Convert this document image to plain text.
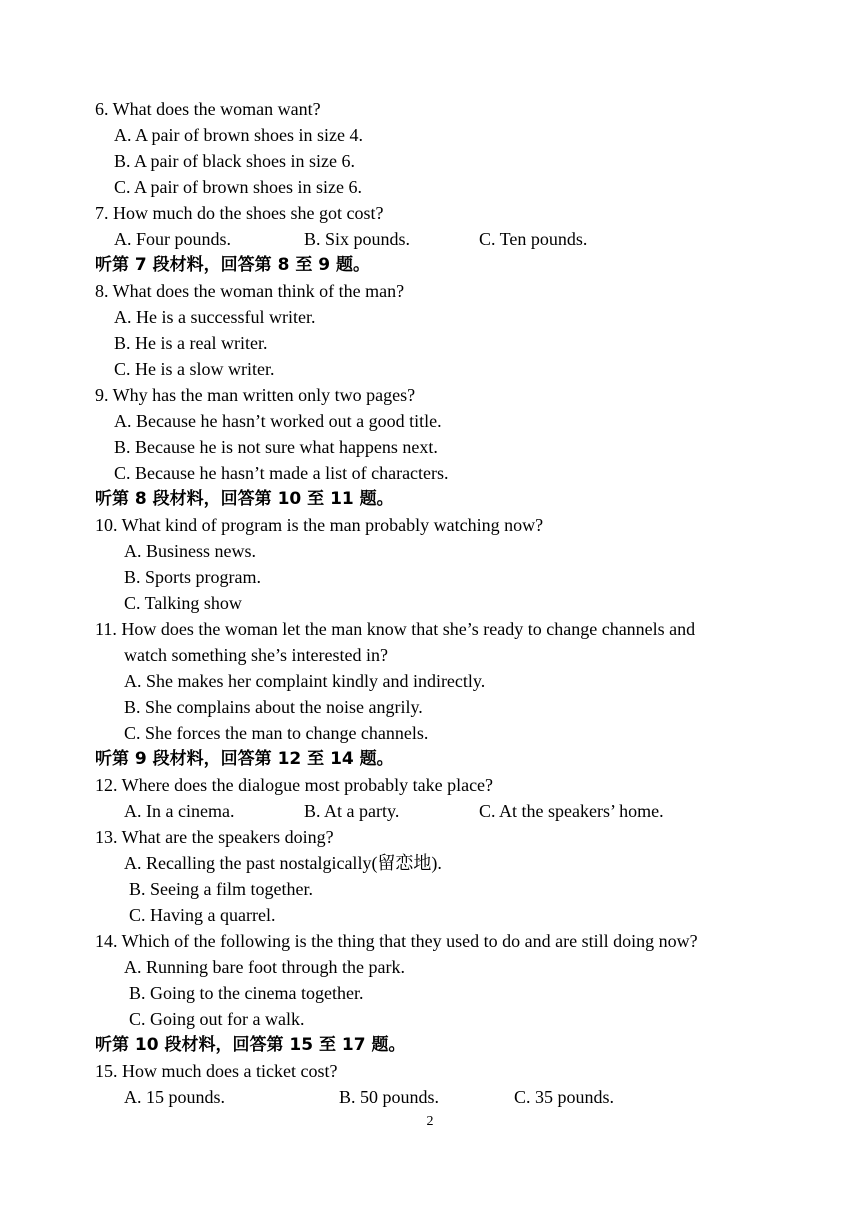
6. What does the woman want?
A. A pair of brown shoes in size 4.
B. A pair of black shoes in size 6.
C. A pair of brown shoes in size 6.
7. How much do the shoes she got cost?
A. Four pounds.	B. Six pounds.	C. Ten pounds.
听第 7 段材料，回答第 8 至 9 题。
8. What does the woman think of the man?
A. He is a successful writer.
B. He is a real writer.
C. He is a slow writer.
9. Why has the man written only two pages?
A. Because he hasn’t worked out a good title.
B. Because he is not sure what happens next.
C. Because he hasn’t made a list of characters.
听第 8 段材料，回答第 10 至 11 题。
10. What kind of program is the man probably watching now?
A. Business news.
B. Sports program.
C. Talking show
11. How does the woman let the man know that she’s ready to change channels and
watch something she’s interested in?
A. She makes her complaint kindly and indirectly.
B. She complains about the noise angrily.
C. She forces the man to change channels.
听第 9 段材料，回答第 12 至 14 题。
12. Where does the dialogue most probably take place?
A. In a cinema.	B. At a party.	C. At the speakers’ home.
13. What are the speakers doing?
A. Recalling the past nostalgically(留恋地).
B. Seeing a film together.
C. Having a quarrel.
14. Which of the following is the thing that they used to do and are still doing now?
A. Running bare foot through the park.
B. Going to the cinema together.
C. Going out for a walk.
听第 10 段材料，回答第 15 至 17 题。
15. How much does a ticket cost?
A. 15 pounds.	B. 50 pounds.	C. 35 pounds.
2
